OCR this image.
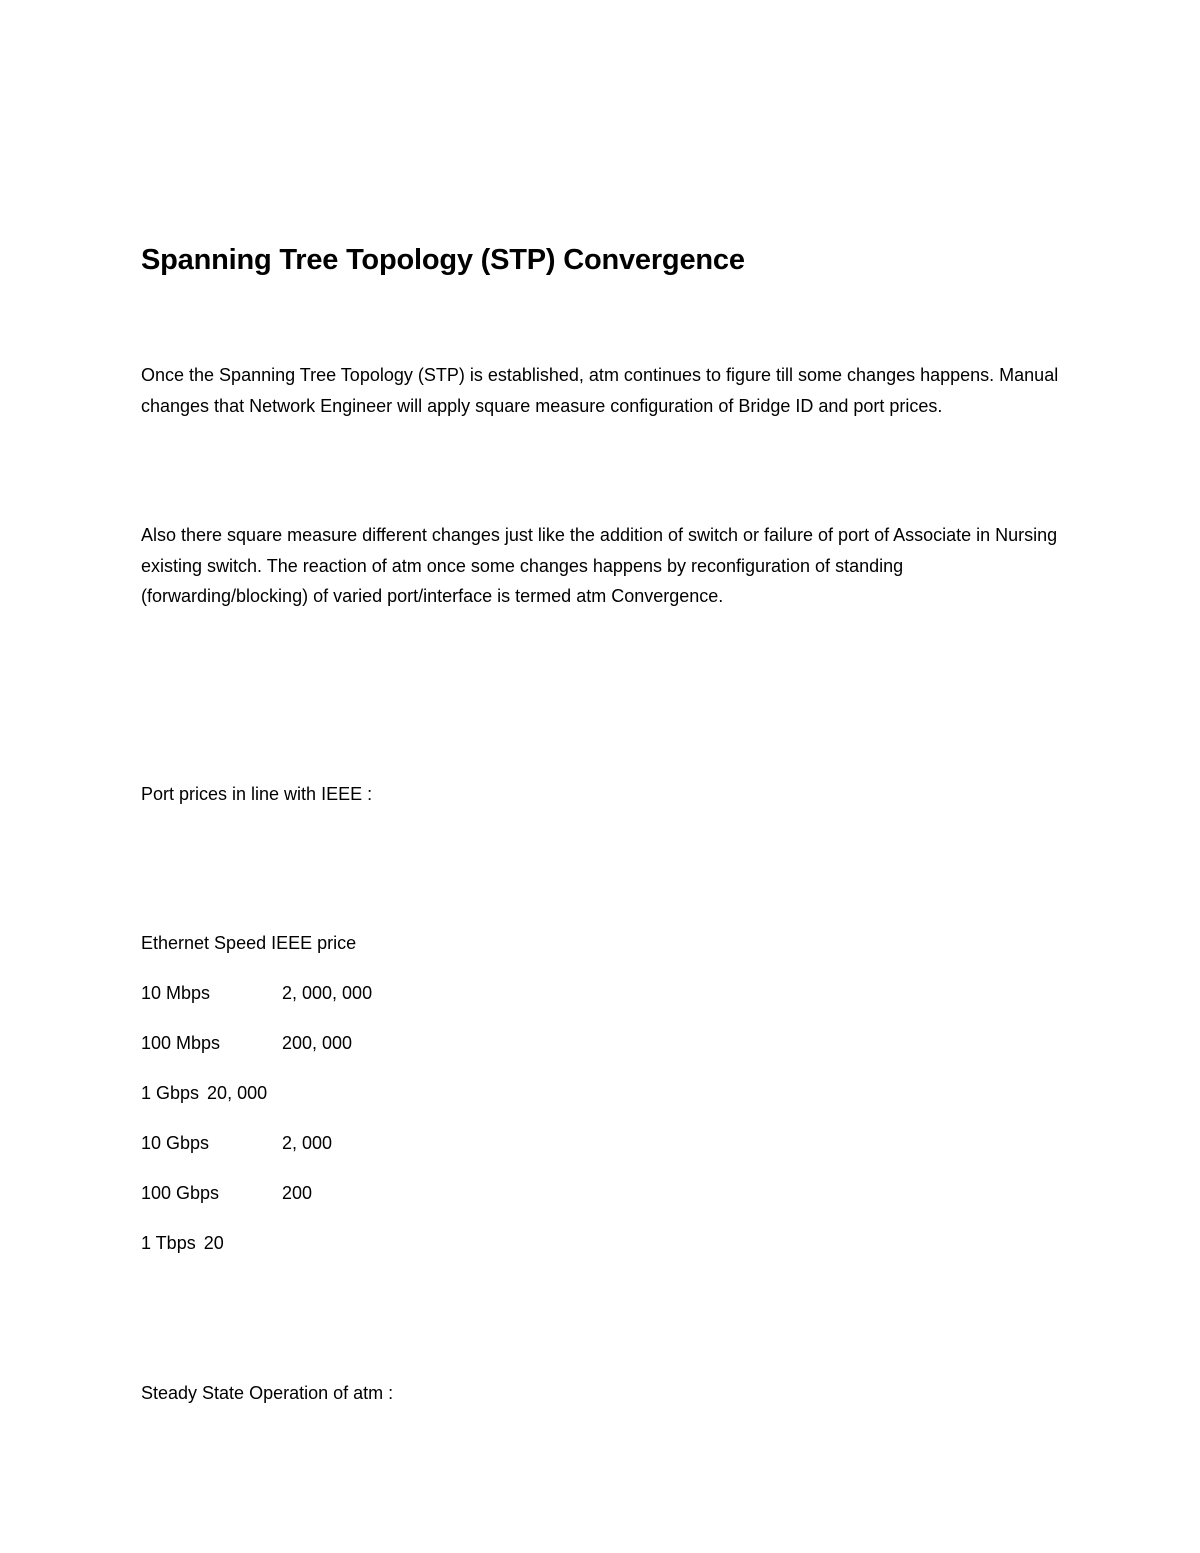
Spanning Tree Topology (STP) Convergence

Once the Spanning Tree Topology (STP) is established, atm continues to figure till some changes happens. Manual changes that Network Engineer will apply square measure configuration of Bridge ID and port prices.

Also there square measure different changes just like the addition of switch or failure of port of Associate in Nursing existing switch. The reaction of atm once some changes happens by reconfiguration of standing (forwarding/blocking) of varied port/interface is termed atm Convergence.

Port prices in line with IEEE :

Ethernet Speed IEEE price

10 Mbps	2, 000, 000
100 Mbps	200, 000
1 Gbps 20, 000
10 Gbps	2, 000
100 Gbps	200
1 Tbps 20

Steady State Operation of atm :
